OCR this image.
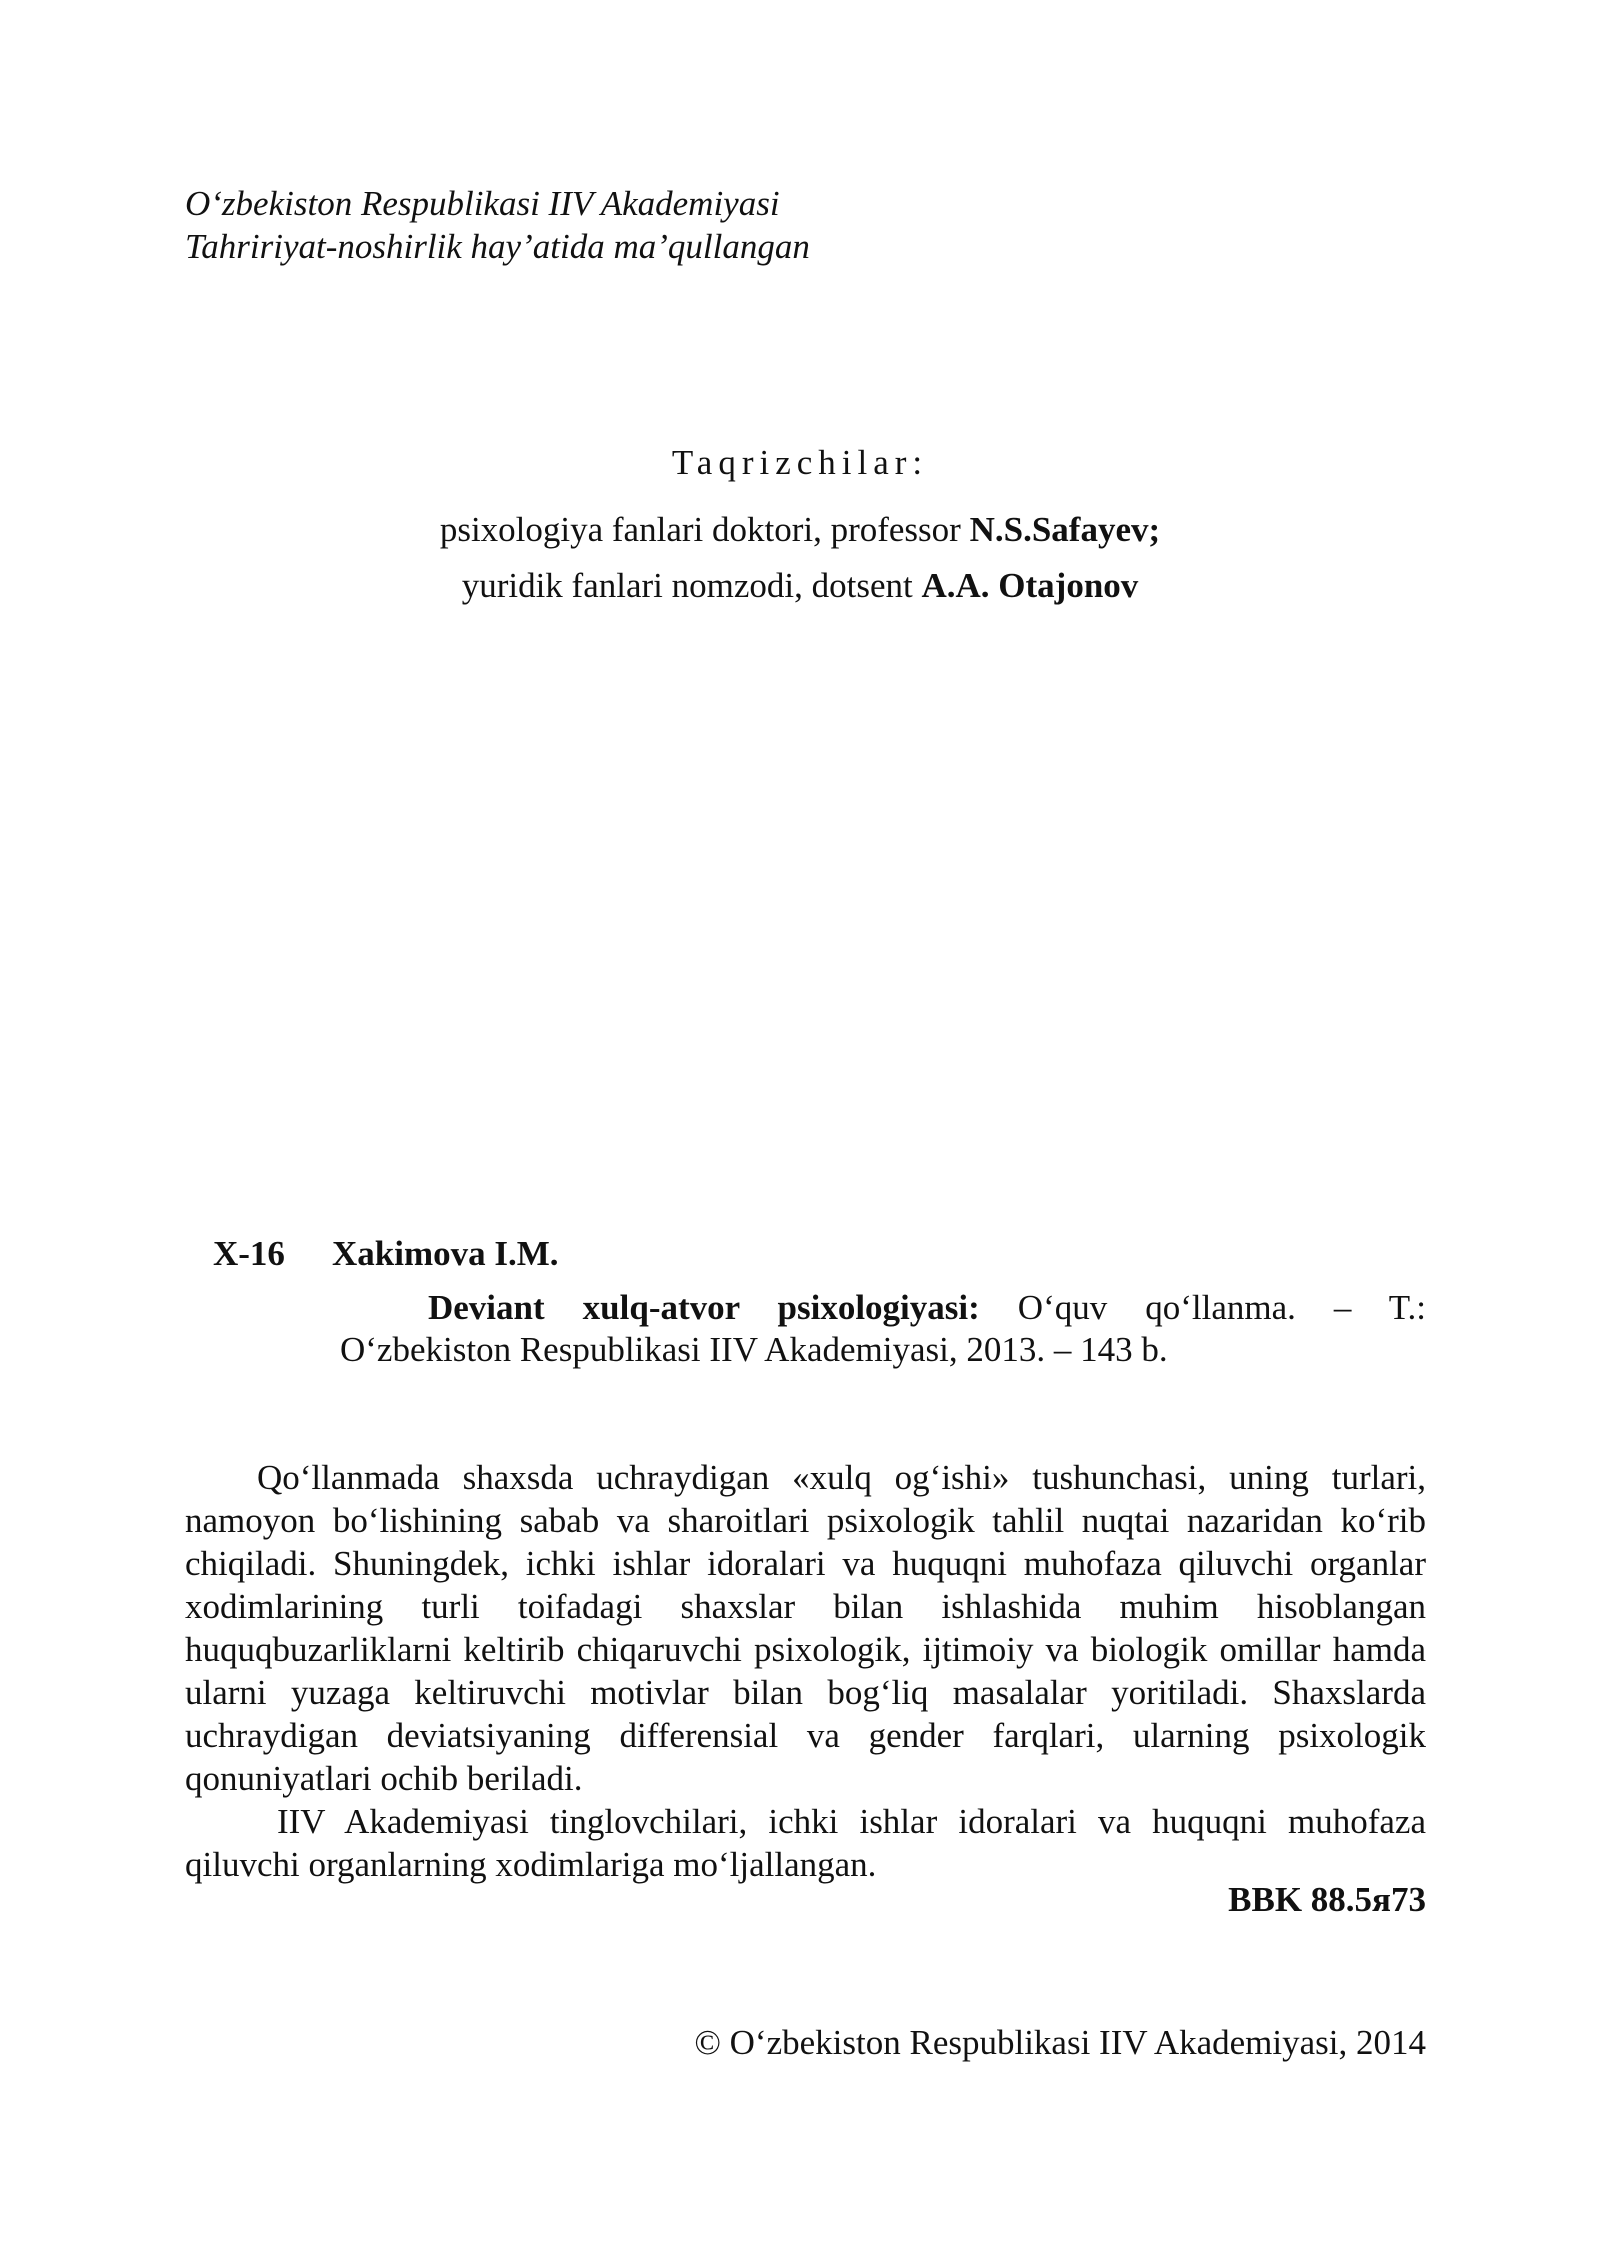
O‘zbekiston Respublikasi IIV Akademiyasi
Tahririyat-noshirlik hay’atida ma’qullangan
Taqrizchilar:
psixologiya fanlari doktori, professor N.S.Safayev;
yuridik fanlari nomzodi, dotsent A.A. Otajonov
X-16 Xakimova I.M.
Deviant xulq-atvor psixologiyasi: O‘quv qo‘llanma. – T.:
O‘zbekiston Respublikasi IIV Akademiyasi, 2013. – 143 b.

Qo‘llanmada shaxsda uchraydigan «xulq og‘ishi» tushunchasi, uning turlari, namoyon bo‘lishining sabab va sharoitlari psixologik tahlil nuqtai nazaridan ko‘rib chiqiladi. Shuningdek, ichki ishlar idoralari va huquqni muhofaza qiluvchi organlar xodimlarining turli toifadagi shaxslar bilan ishlashida muhim hisoblangan huquqbuzarliklarni keltirib chiqaruvchi psixologik, ijtimoiy va biologik omillar hamda ularni yuzaga keltiruvchi motivlar bilan bog‘liq masalalar yoritiladi. Shaxslarda uchraydigan deviatsiyaning differensial va gender farqlari, ularning psixologik qonuniyatlari ochib beriladi.

IIV Akademiyasi tinglovchilari, ichki ishlar idoralari va huquqni muhofaza qiluvchi organlarning xodimlariga mo‘ljallangan.

BBK 88.5я73
© O‘zbekiston Respublikasi IIV Akademiyasi, 2014
